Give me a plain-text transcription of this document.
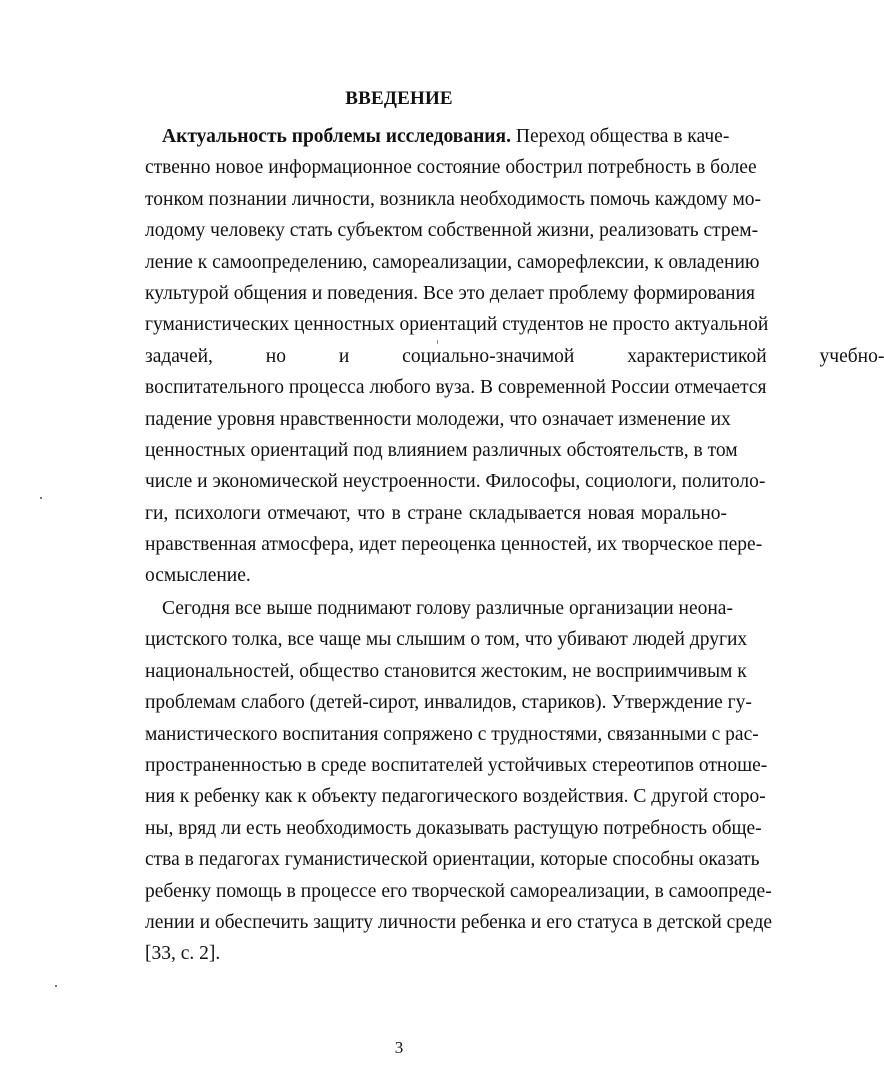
ВВЕДЕНИЕ
Актуальность проблемы исследования. Переход общества в каче-
ственно новое информационное состояние обострил потребность в более
тонком познании личности, возникла необходимость помочь каждому мо-
лодому человеку стать субъектом собственной жизни, реализовать стрем-
ление к самоопределению, самореализации, саморефлексии, к овладению
культурой общения и поведения. Все это делает проблему формирования
гуманистических ценностных ориентаций студентов не просто актуальной
задачей, но и социально-значимой характеристикой учебно-
воспитательного процесса любого вуза. В современной России отмечается
падение уровня нравственности молодежи, что означает изменение их
ценностных ориентаций под влиянием различных обстоятельств, в том
числе и экономической неустроенности. Философы, социологи, политоло-
ги, психологи отмечают, что в стране складывается новая морально-
нравственная атмосфера, идет переоценка ценностей, их творческое пере-
осмысление.
Сегодня все выше поднимают голову различные организации неона-
цистского толка, все чаще мы слышим о том, что убивают людей других
национальностей, общество становится жестоким, не восприимчивым к
проблемам слабого (детей-сирот, инвалидов, стариков). Утверждение гу-
манистического воспитания сопряжено с трудностями, связанными с рас-
пространенностью в среде воспитателей устойчивых стереотипов отноше-
ния к ребенку как к объекту педагогического воздействия. С другой сторо-
ны, вряд ли есть необходимость доказывать растущую потребность обще-
ства в педагогах гуманистической ориентации, которые способны оказать
ребенку помощь в процессе его творческой самореализации, в самоопреде-
лении и обеспечить защиту личности ребенка и его статуса в детской среде
[33, с. 2].
3
